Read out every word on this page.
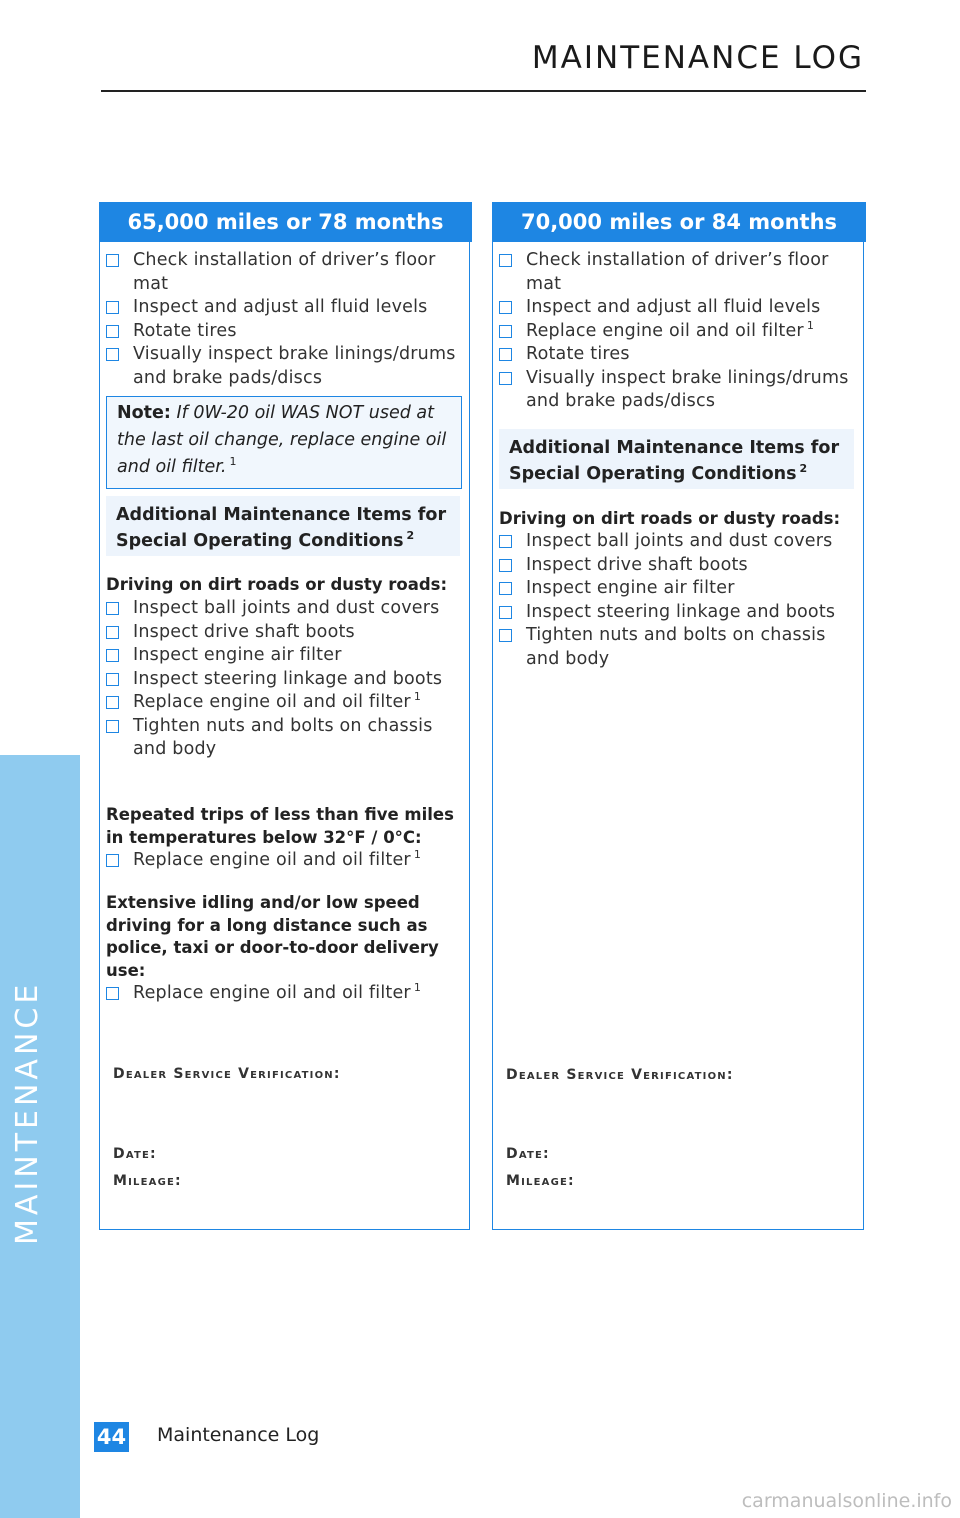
MAINTENANCE
MAINTENANCE LOG
65,000 miles or 78 months	70,000 miles or 84 months
Check installation of driver’s floor mat
Inspect and adjust all fluid levels
Rotate tires
Visually inspect brake linings/drums and brake pads/discs
Note: If 0W-20 oil WAS NOT used at the last oil change, replace engine oil and oil filter. $^1$
Additional Maintenance Items for Special Operating Conditions $^2$

Driving on dirt roads or dusty roads:

Inspect ball joints and dust covers
Inspect drive shaft boots
Inspect engine air filter
Inspect steering linkage and boots
Replace engine oil and oil filter $^1$
Tighten nuts and bolts on chassis and body

Repeated trips of less than five miles in temperatures below 32°F / 0°C:

Replace engine oil and oil filter $^1$

Extensive idling and/or low speed driving for a long distance such as police, taxi or door-to-door delivery use:

Replace engine oil and oil filter $^1$

Dealer Service Verification:

Date:

Mileage:

Check installation of driver’s floor mat
Inspect and adjust all fluid levels
Replace engine oil and oil filter $^1$
Rotate tires
Visually inspect brake linings/drums and brake pads/discs
Additional Maintenance Items for Special Operating Conditions $^2$

Driving on dirt roads or dusty roads:

Inspect ball joints and dust covers
Inspect drive shaft boots
Inspect engine air filter
Inspect steering linkage and boots
Tighten nuts and bolts on chassis and body

Dealer Service Verification:

Date:

Mileage:

44 Maintenance Log
carmanualsonline.info
